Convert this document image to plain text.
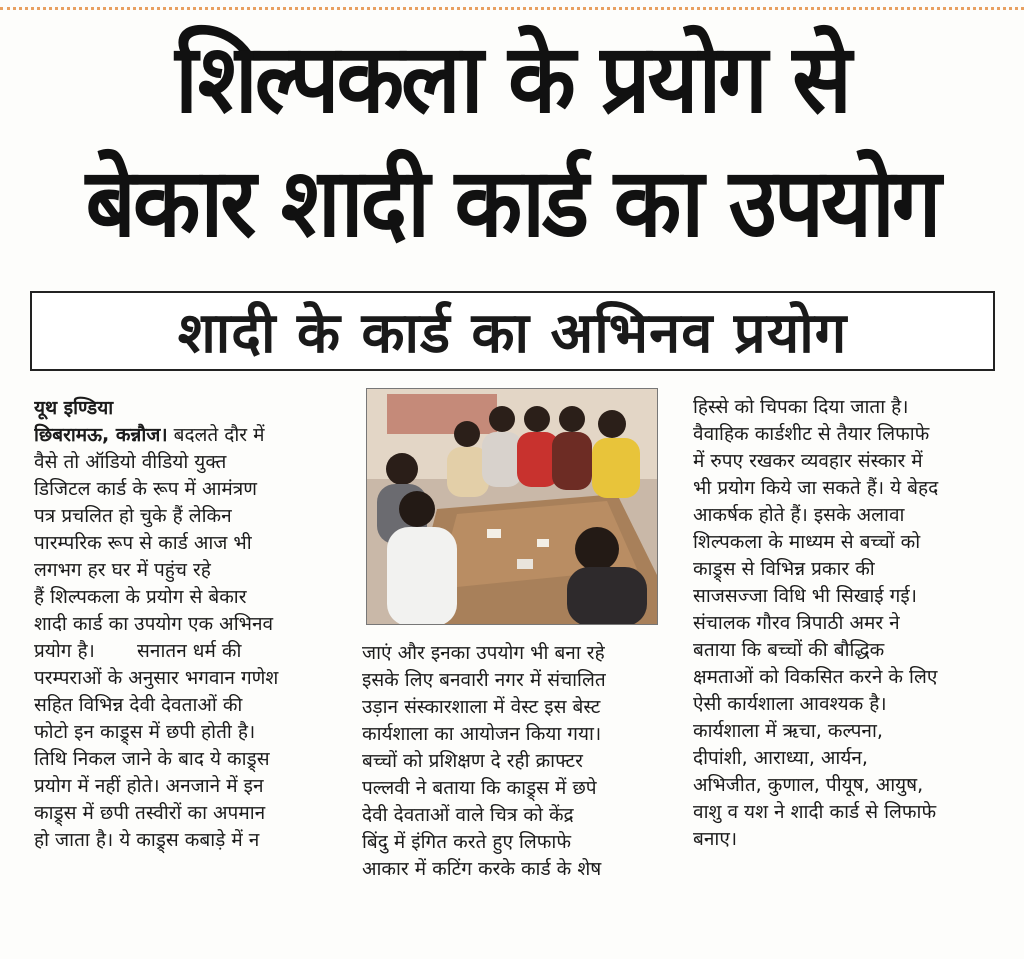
शिल्पकला के प्रयोग से
बेकार शादी कार्ड का उपयोग
शादी के कार्ड का अभिनव प्रयोग
यूथ इण्डिया
छिबरामऊ, कन्नौज। बदलते दौर में
वैसे तो ऑडियो वीडियो युक्त
डिजिटल कार्ड के रूप में आमंत्रण
पत्र प्रचलित हो चुके हैं लेकिन
पारम्परिक रूप से कार्ड आज भी
लगभग हर घर में पहुंच रहे
हैं शिल्पकला के प्रयोग से बेकार
शादी कार्ड का उपयोग एक अभिनव
प्रयोग है।       सनातन धर्म की
परम्पराओं के अनुसार भगवान गणेश
सहित विभिन्न देवी देवताओं की
फोटो इन काड्र्स में छपी होती है।
तिथि निकल जाने के बाद ये काड्र्स
प्रयोग में नहीं होते। अनजाने में इन
काड्र्स में छपी तस्वीरों का अपमान
हो जाता है। ये काड्र्स कबाड़े में न
जाएं और इनका उपयोग भी बना रहे
इसके लिए बनवारी नगर में संचालित
उड़ान संस्कारशाला में वेस्ट इस बेस्ट
कार्यशाला का आयोजन किया गया।
बच्चों को प्रशिक्षण दे रही क्राफ्टर
पल्लवी ने बताया कि काड्र्स में छपे
देवी देवताओं वाले चित्र को केंद्र
बिंदु में इंगित करते हुए लिफाफे
आकार में कटिंग करके कार्ड के शेष
हिस्से को चिपका दिया जाता है।
वैवाहिक कार्डशीट से तैयार लिफाफे
में रुपए रखकर व्यवहार संस्कार में
भी प्रयोग किये जा सकते हैं। ये बेहद
आकर्षक होते हैं। इसके अलावा
शिल्पकला के माध्यम से बच्चों को
काड्र्स से विभिन्न प्रकार की
साजसज्जा विधि भी सिखाई गई।
संचालक गौरव त्रिपाठी अमर ने
बताया कि बच्चों की बौद्धिक
क्षमताओं को विकसित करने के लिए
ऐसी कार्यशाला आवश्यक है।
कार्यशाला में ऋचा, कल्पना,
दीपांशी, आराध्या, आर्यन,
अभिजीत, कुणाल, पीयूष, आयुष,
वाशु व यश ने शादी कार्ड से लिफाफे
बनाए।
